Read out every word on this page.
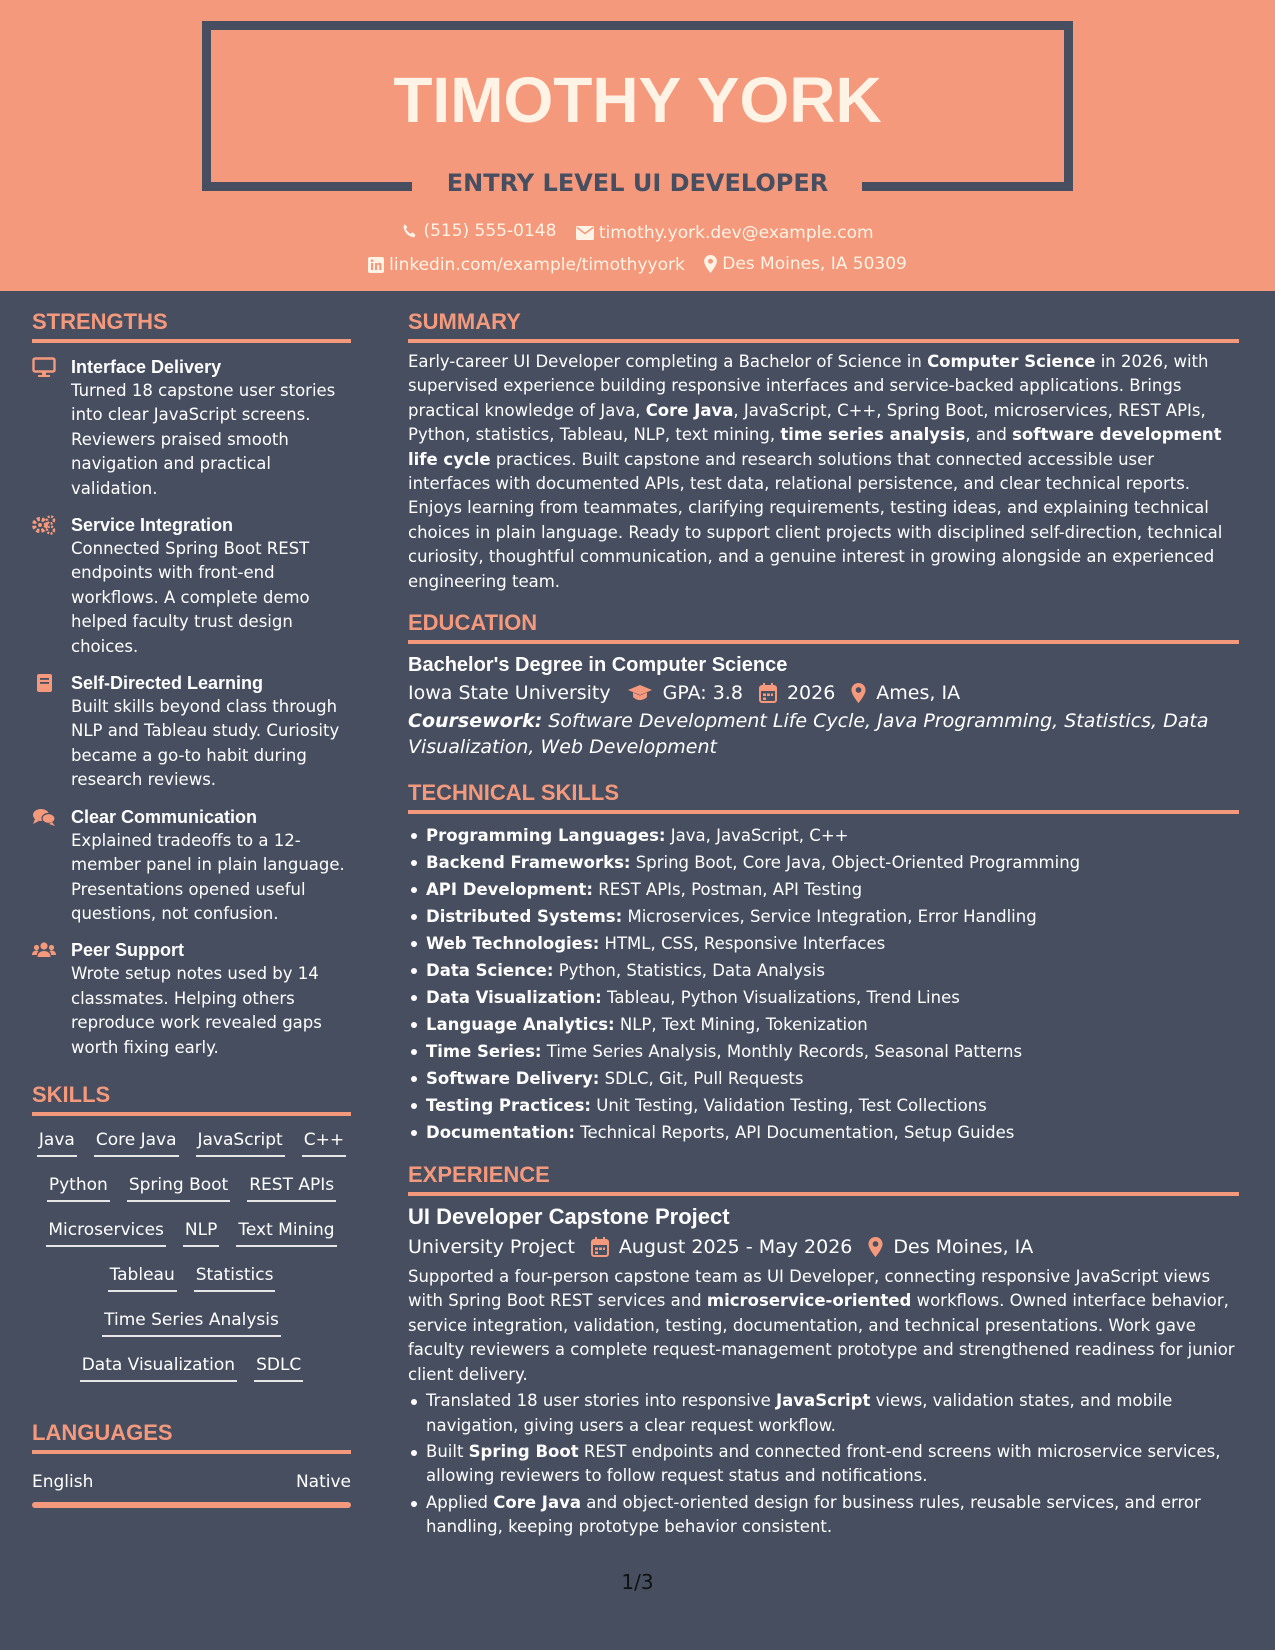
TIMOTHY YORK
ENTRY LEVEL UI DEVELOPER
(515) 555-0148
timothy.york.dev@example.com
linkedin.com/example/timothyyork
Des Moines, IA 50309
STRENGTHS
Interface Delivery
Turned 18 capstone user stories into clear JavaScript screens. Reviewers praised smooth navigation and practical validation.
Service Integration
Connected Spring Boot REST endpoints with front-end workflows. A complete demo helped faculty trust design choices.
Self-Directed Learning
Built skills beyond class through NLP and Tableau study. Curiosity became a go-to habit during research reviews.
Clear Communication
Explained tradeoffs to a 12-member panel in plain language. Presentations opened useful questions, not confusion.
Peer Support
Wrote setup notes used by 14 classmates. Helping others reproduce work revealed gaps worth fixing early.
SKILLS
Java Core Java JavaScript C++
Python Spring Boot REST APIs
Microservices NLP Text Mining
Tableau Statistics
Time Series Analysis
Data Visualization SDLC
LANGUAGES
English	Native
SUMMARY

Early-career UI Developer completing a Bachelor of Science in Computer Science in 2026, with supervised experience building responsive interfaces and service-backed applications. Brings practical knowledge of Java, Core Java, JavaScript, C++, Spring Boot, microservices, REST APIs, Python, statistics, Tableau, NLP, text mining, time series analysis, and software development life cycle practices. Built capstone and research solutions that connected accessible user interfaces with documented APIs, test data, relational persistence, and clear technical reports. Enjoys learning from teammates, clarifying requirements, testing ideas, and explaining technical choices in plain language. Ready to support client projects with disciplined self-direction, technical curiosity, thoughtful communication, and a genuine interest in growing alongside an experienced engineering team.

EDUCATION
Bachelor's Degree in Computer Science
Iowa State University	GPA: 3.8 2026 Ames, IA
Coursework: Software Development Life Cycle, Java Programming, Statistics, Data Visualization, Web Development
TECHNICAL SKILLS
Programming Languages: Java, JavaScript, C++
Backend Frameworks: Spring Boot, Core Java, Object-Oriented Programming
API Development: REST APIs, Postman, API Testing
Distributed Systems: Microservices, Service Integration, Error Handling
Web Technologies: HTML, CSS, Responsive Interfaces
Data Science: Python, Statistics, Data Analysis
Data Visualization: Tableau, Python Visualizations, Trend Lines
Language Analytics: NLP, Text Mining, Tokenization
Time Series: Time Series Analysis, Monthly Records, Seasonal Patterns
Software Delivery: SDLC, Git, Pull Requests
Testing Practices: Unit Testing, Validation Testing, Test Collections
Documentation: Technical Reports, API Documentation, Setup Guides
EXPERIENCE
UI Developer Capstone Project
University Project August 2025 - May 2026 Des Moines, IA

Supported a four-person capstone team as UI Developer, connecting responsive JavaScript views with Spring Boot REST services and microservice-oriented workflows. Owned interface behavior, service integration, validation, testing, documentation, and technical presentations. Work gave faculty reviewers a complete request-management prototype and strengthened readiness for junior client delivery.

Translated 18 user stories into responsive JavaScript views, validation states, and mobile navigation, giving users a clear request workflow.
Built Spring Boot REST endpoints and connected front-end screens with microservice services, allowing reviewers to follow request status and notifications.
Applied Core Java and object-oriented design for business rules, reusable services, and error handling, keeping prototype behavior consistent.
1/3
